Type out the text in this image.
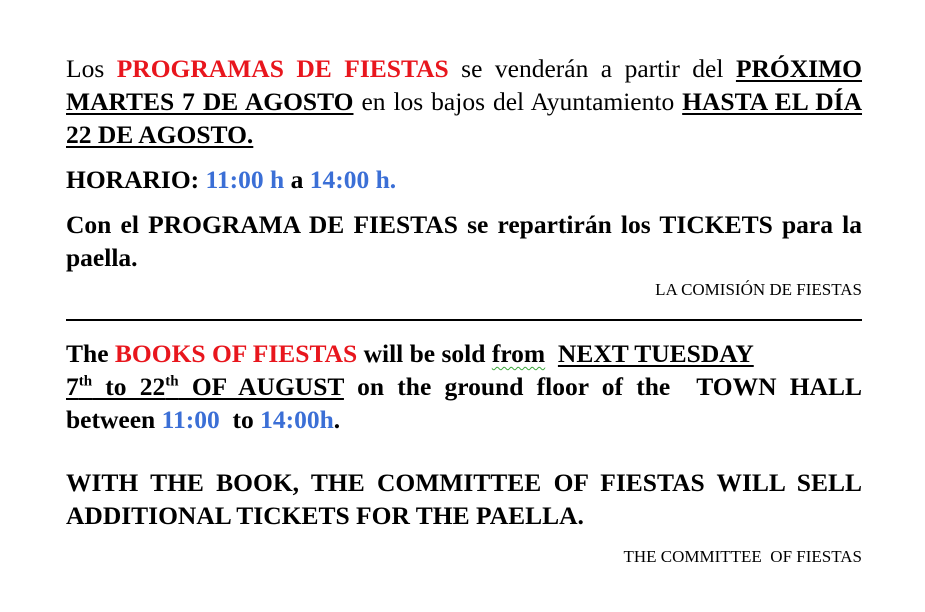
Los PROGRAMAS DE FIESTAS se venderán a partir del PRÓXIMO MARTES 7 DE AGOSTO en los bajos del Ayuntamiento HASTA EL DÍA 22 DE AGOSTO.

HORARIO: 11:00 h a 14:00 h.

Con el PROGRAMA DE FIESTAS se repartirán los TICKETS para la paella.

LA COMISIÓN DE FIESTAS

The BOOKS OF FIESTAS will be sold from NEXT TUESDAY
7th to 22th OF AUGUST on the ground floor of the  TOWN HALL between 11:00  to 14:00h.

WITH THE BOOK, THE COMMITTEE OF FIESTAS WILL SELL ADDITIONAL TICKETS FOR THE PAELLA.

THE COMMITTEE  OF FIESTAS
